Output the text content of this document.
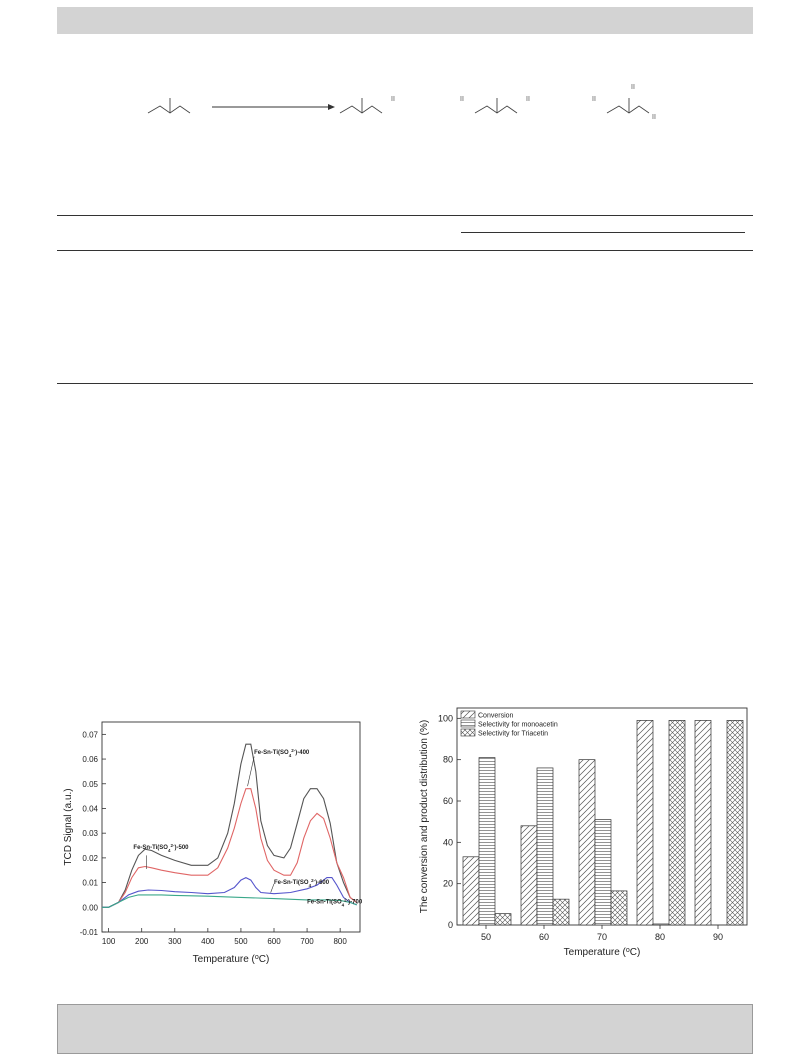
II	II	II	II
II
II
-0.01
0.00
0.01
0.02
0.03
0.04
0.05
0.06
0.07
100 200 300 400 500 600 700 800
Temperature ($^o$C)
TCD Signal (a.u.)
$Fe-Sn-Ti(SO_4^{2-})-400$
$Fe-Sn-Ti(SO_4^{2-})-500$
$Fe-Sn-Ti(SO_4^{2-})-600$
$Fe-Sn-Ti(SO_4^{2-})-700$
0
20
40
60
80
100
50	60	70	80	90
Conversion
Selectivity for monoacetin
Selectivity for Triacetin
Temperature ($^o$C)
The conversion and product distribution (%)
